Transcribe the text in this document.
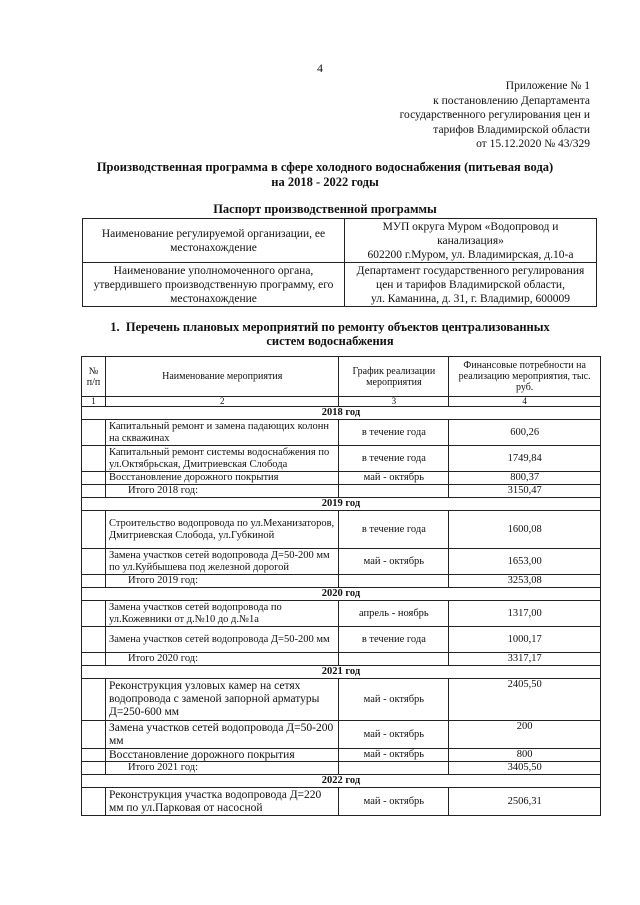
4
Приложение № 1
к постановлению Департамента
государственного регулирования цен и
тарифов Владимирской области
от 15.12.2020 № 43/329
Производственная программа в сфере холодного водоснабжения (питьевая вода)
на 2018 - 2022 годы
Паспорт производственной программы
Наименование регулируемой организации, ее местонахождение	МУП округа Муром «Водопровод и канализация»
602200 г.Муром, ул. Владимирская, д.10-а

Наименование уполномоченного органа, утвердившего производственную программу, его местонахождение	Департамент государственного регулирования цен и тарифов Владимирской области,
ул. Каманина, д. 31, г. Владимир, 600009
1. Перечень плановых мероприятий по ремонту объектов централизованных
систем водоснабжения
№ п/п	Наименование мероприятия	График реализации мероприятия	Финансовые потребности на реализацию мероприятия, тыс. руб.
1	2	3	4
2018 год			
	Капитальный ремонт и замена падающих колонн на скважинах	в течение года	600,26
	Капитальный ремонт системы водоснабжения по ул.Октябрьская, Дмитриевская Слобода	в течение года	1749,84
	Восстановление дорожного покрытия	май - октябрь	800,37
	Итого 2018 год:		3150,47
2019 год			
	Строительство водопровода по ул.Механизаторов, Дмитриевская Слобода, ул.Губкиной	в течение года	1600,08
	Замена участков сетей водопровода Д=50-200 мм по ул.Куйбышева под железной дорогой	май - октябрь	1653,00
	Итого 2019 год:		3253,08
2020 год			
	Замена участков сетей водопровода по ул.Кожевники от д.№10 до д.№1а	апрель - ноябрь	1317,00
	Замена участков сетей водопровода Д=50-200 мм	в течение года	1000,17
	Итого 2020 год:		3317,17
2021 год			
	Реконструкция узловых камер на сетях водопровода с заменой запорной арматуры Д=250-600 мм	май - октябрь	2405,50
	Замена участков сетей водопровода Д=50-200 мм	май - октябрь	200
	Восстановление дорожного покрытия	май - октябрь	800
	Итого 2021 год:		3405,50
2022 год			
	Реконструкция участка водопровода Д=220 мм по ул.Парковая от насосной	май - октябрь	2506,31
